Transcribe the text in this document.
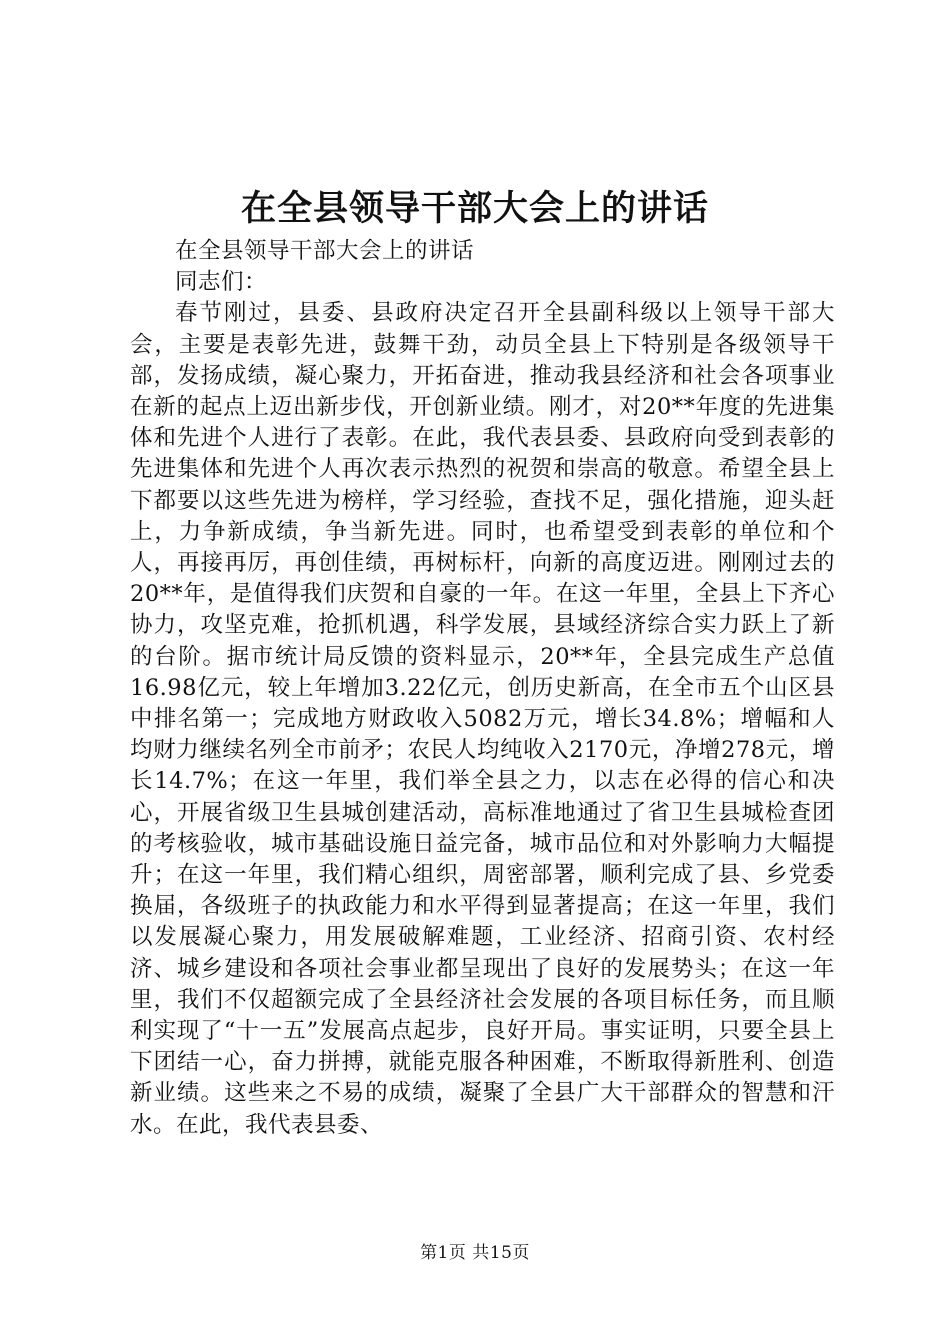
在全县领导干部大会上的讲话

在全县领导干部大会上的讲话

同志们：

春节刚过，县委、县政府决定召开全县副科级以上领导干部大会，主要是表彰先进，鼓舞干劲，动员全县上下特别是各级领导干部，发扬成绩，凝心聚力，开拓奋进，推动我县经济和社会各项事业在新的起点上迈出新步伐，开创新业绩。刚才，对20**年度的先进集体和先进个人进行了表彰。在此，我代表县委、县政府向受到表彰的先进集体和先进个人再次表示热烈的祝贺和崇高的敬意。希望全县上下都要以这些先进为榜样，学习经验，查找不足，强化措施，迎头赶上，力争新成绩，争当新先进。同时，也希望受到表彰的单位和个人，再接再厉，再创佳绩，再树标杆，向新的高度迈进。刚刚过去的20**年，是值得我们庆贺和自豪的一年。在这一年里，全县上下齐心协力，攻坚克难，抢抓机遇，科学发展，县域经济综合实力跃上了新的台阶。据市统计局反馈的资料显示，20**年，全县完成生产总值16.98亿元，较上年增加3.22亿元，创历史新高，在全市五个山区县中排名第一；完成地方财政收入5082万元，增长34.8%；增幅和人均财力继续名列全市前矛；农民人均纯收入2170元，净增278元，增长14.7%；在这一年里，我们举全县之力，以志在必得的信心和决心，开展省级卫生县城创建活动，高标准地通过了省卫生县城检查团的考核验收，城市基础设施日益完备，城市品位和对外影响力大幅提升；在这一年里，我们精心组织，周密部署，顺利完成了县、乡党委换届，各级班子的执政能力和水平得到显著提高；在这一年里，我们以发展凝心聚力，用发展破解难题，工业经济、招商引资、农村经济、城乡建设和各项社会事业都呈现出了良好的发展势头；在这一年里，我们不仅超额完成了全县经济社会发展的各项目标任务，而且顺利实现了“十一五”发展高点起步，良好开局。事实证明，只要全县上下团结一心，奋力拼搏，就能克服各种困难，不断取得新胜利、创造新业绩。这些来之不易的成绩，凝聚了全县广大干部群众的智慧和汗水。在此，我代表县委、

第1页 共15页
